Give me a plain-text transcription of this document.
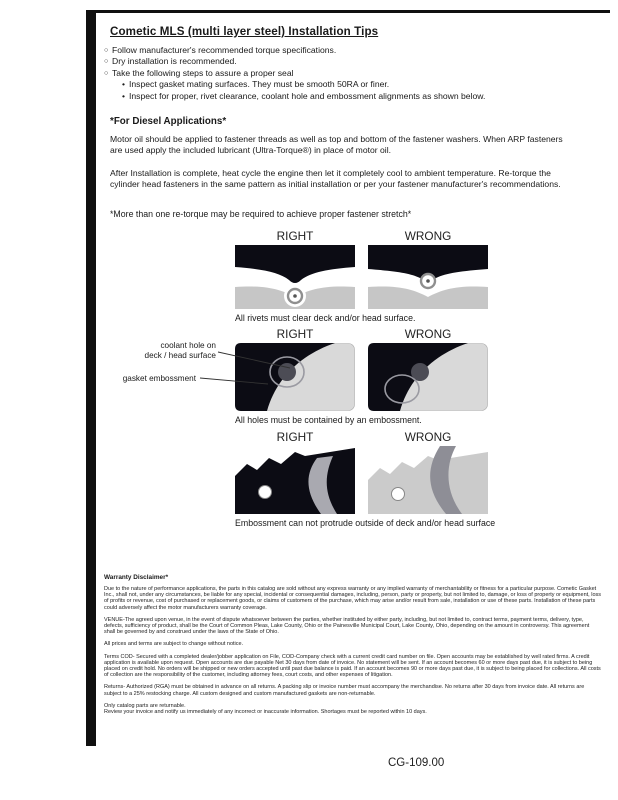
Cometic MLS (multi layer steel) Installation Tips
○ Follow manufacturer's recommended torque specifications.
○ Dry installation is recommended.
○ Take the following steps to assure a proper seal
• Inspect gasket mating surfaces. They must be smooth 50RA or finer.
• Inspect for proper, rivet clearance, coolant hole and embossment alignments as shown below.
*For Diesel Applications*

Motor oil should be applied to fastener threads as well as top and bottom of the fastener washers. When ARP fasteners are used apply the included lubricant (Ultra-Torque®) in place of motor oil.

After Installation is complete, heat cycle the engine then let it completely cool to ambient temperature. Re-torque the cylinder head fasteners in the same pattern as initial installation or per your fastener manufacturer's recommendations.

*More than one re-torque may be required to achieve proper fastener stretch*

RIGHT	WRONG
All rivets must clear deck and/or head surface.
RIGHT	WRONG
All holes must be contained by an embossment.
coolant hole on
deck / head surface
gasket embossment
RIGHT	WRONG
Embossment can not protrude outside of deck and/or head surface
Warranty Disclaimer*

Due to the nature of performance applications, the parts in this catalog are sold without any express warranty or any implied warranty of merchantability or fitness for a particular purpose. Cometic Gasket Inc., shall not, under any circumstances, be liable for any special, incidental or consequential damages, including, person, party or property, but not limited to, damage, or loss of property or equipment, loss of profits or revenue, cost of purchased or replacement goods, or claims of customers of the purchase, which may arise and/or result from sale, installation or use of these parts. Installation of these parts could adversely affect the motor manufacturers warranty coverage.

VENUE-The agreed upon venue, in the event of dispute whatsoever between the parties, whether instituted by either party, including, but not limited to, contract terms, payment terms, delivery, type, defects, sufficiency of product, shall be the Court of Common Pleas, Lake County, Ohio or the Painesville Municipal Court, Lake County, Ohio, depending on the amount in controversy. This agreement shall be governed by and construed under the laws of the State of Ohio.

All prices and terms are subject to change without notice.

Terms COD- Secured with a completed dealer/jobber application on File, COD-Company check with a current credit card number on file. Open accounts may be established by well rated firms. A credit application is available upon request. Open accounts are due payable Net 30 days from date of invoice. No statement will be sent. If an account becomes 60 or more days past due, it is subject to being placed on credit hold. No orders will be shipped or new orders accepted until past due balance is paid. If an account becomes 90 or more days past due, it is subject to being placed for collections. All costs of collection are the responsibility of the customer, including attorney fees, court costs, and other expenses of litigation.

Returns- Authorized (RGA) must be obtained in advance on all returns. A packing slip or invoice number must accompany the merchandise. No returns after 30 days from invoice date. All returns are subject to a 25% restocking charge. All custom designed and custom manufactured gaskets are non-returnable.

Only catalog parts are returnable.

Review your invoice and notify us immediately of any incorrect or inaccurate information. Shortages must be reported within 10 days.

CG-109.00
